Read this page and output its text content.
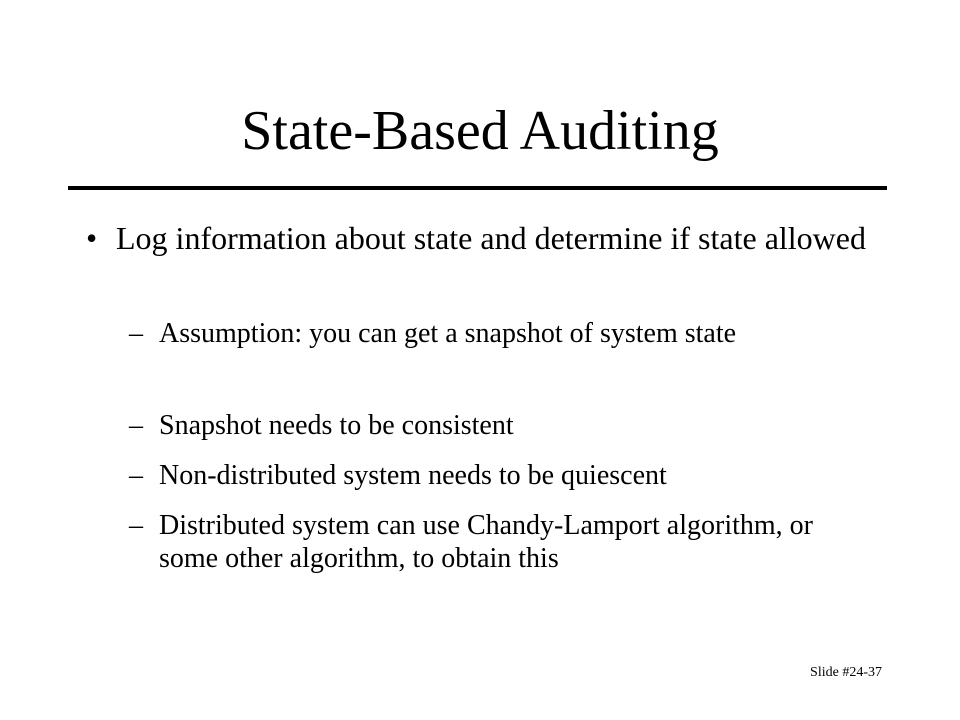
State-Based Auditing
• Log information about state and determine if state allowed
– Assumption: you can get a snapshot of system state
– Snapshot needs to be consistent
– Non-distributed system needs to be quiescent
– Distributed system can use Chandy-Lamport algorithm, or some other algorithm, to obtain this
Slide #24-37
